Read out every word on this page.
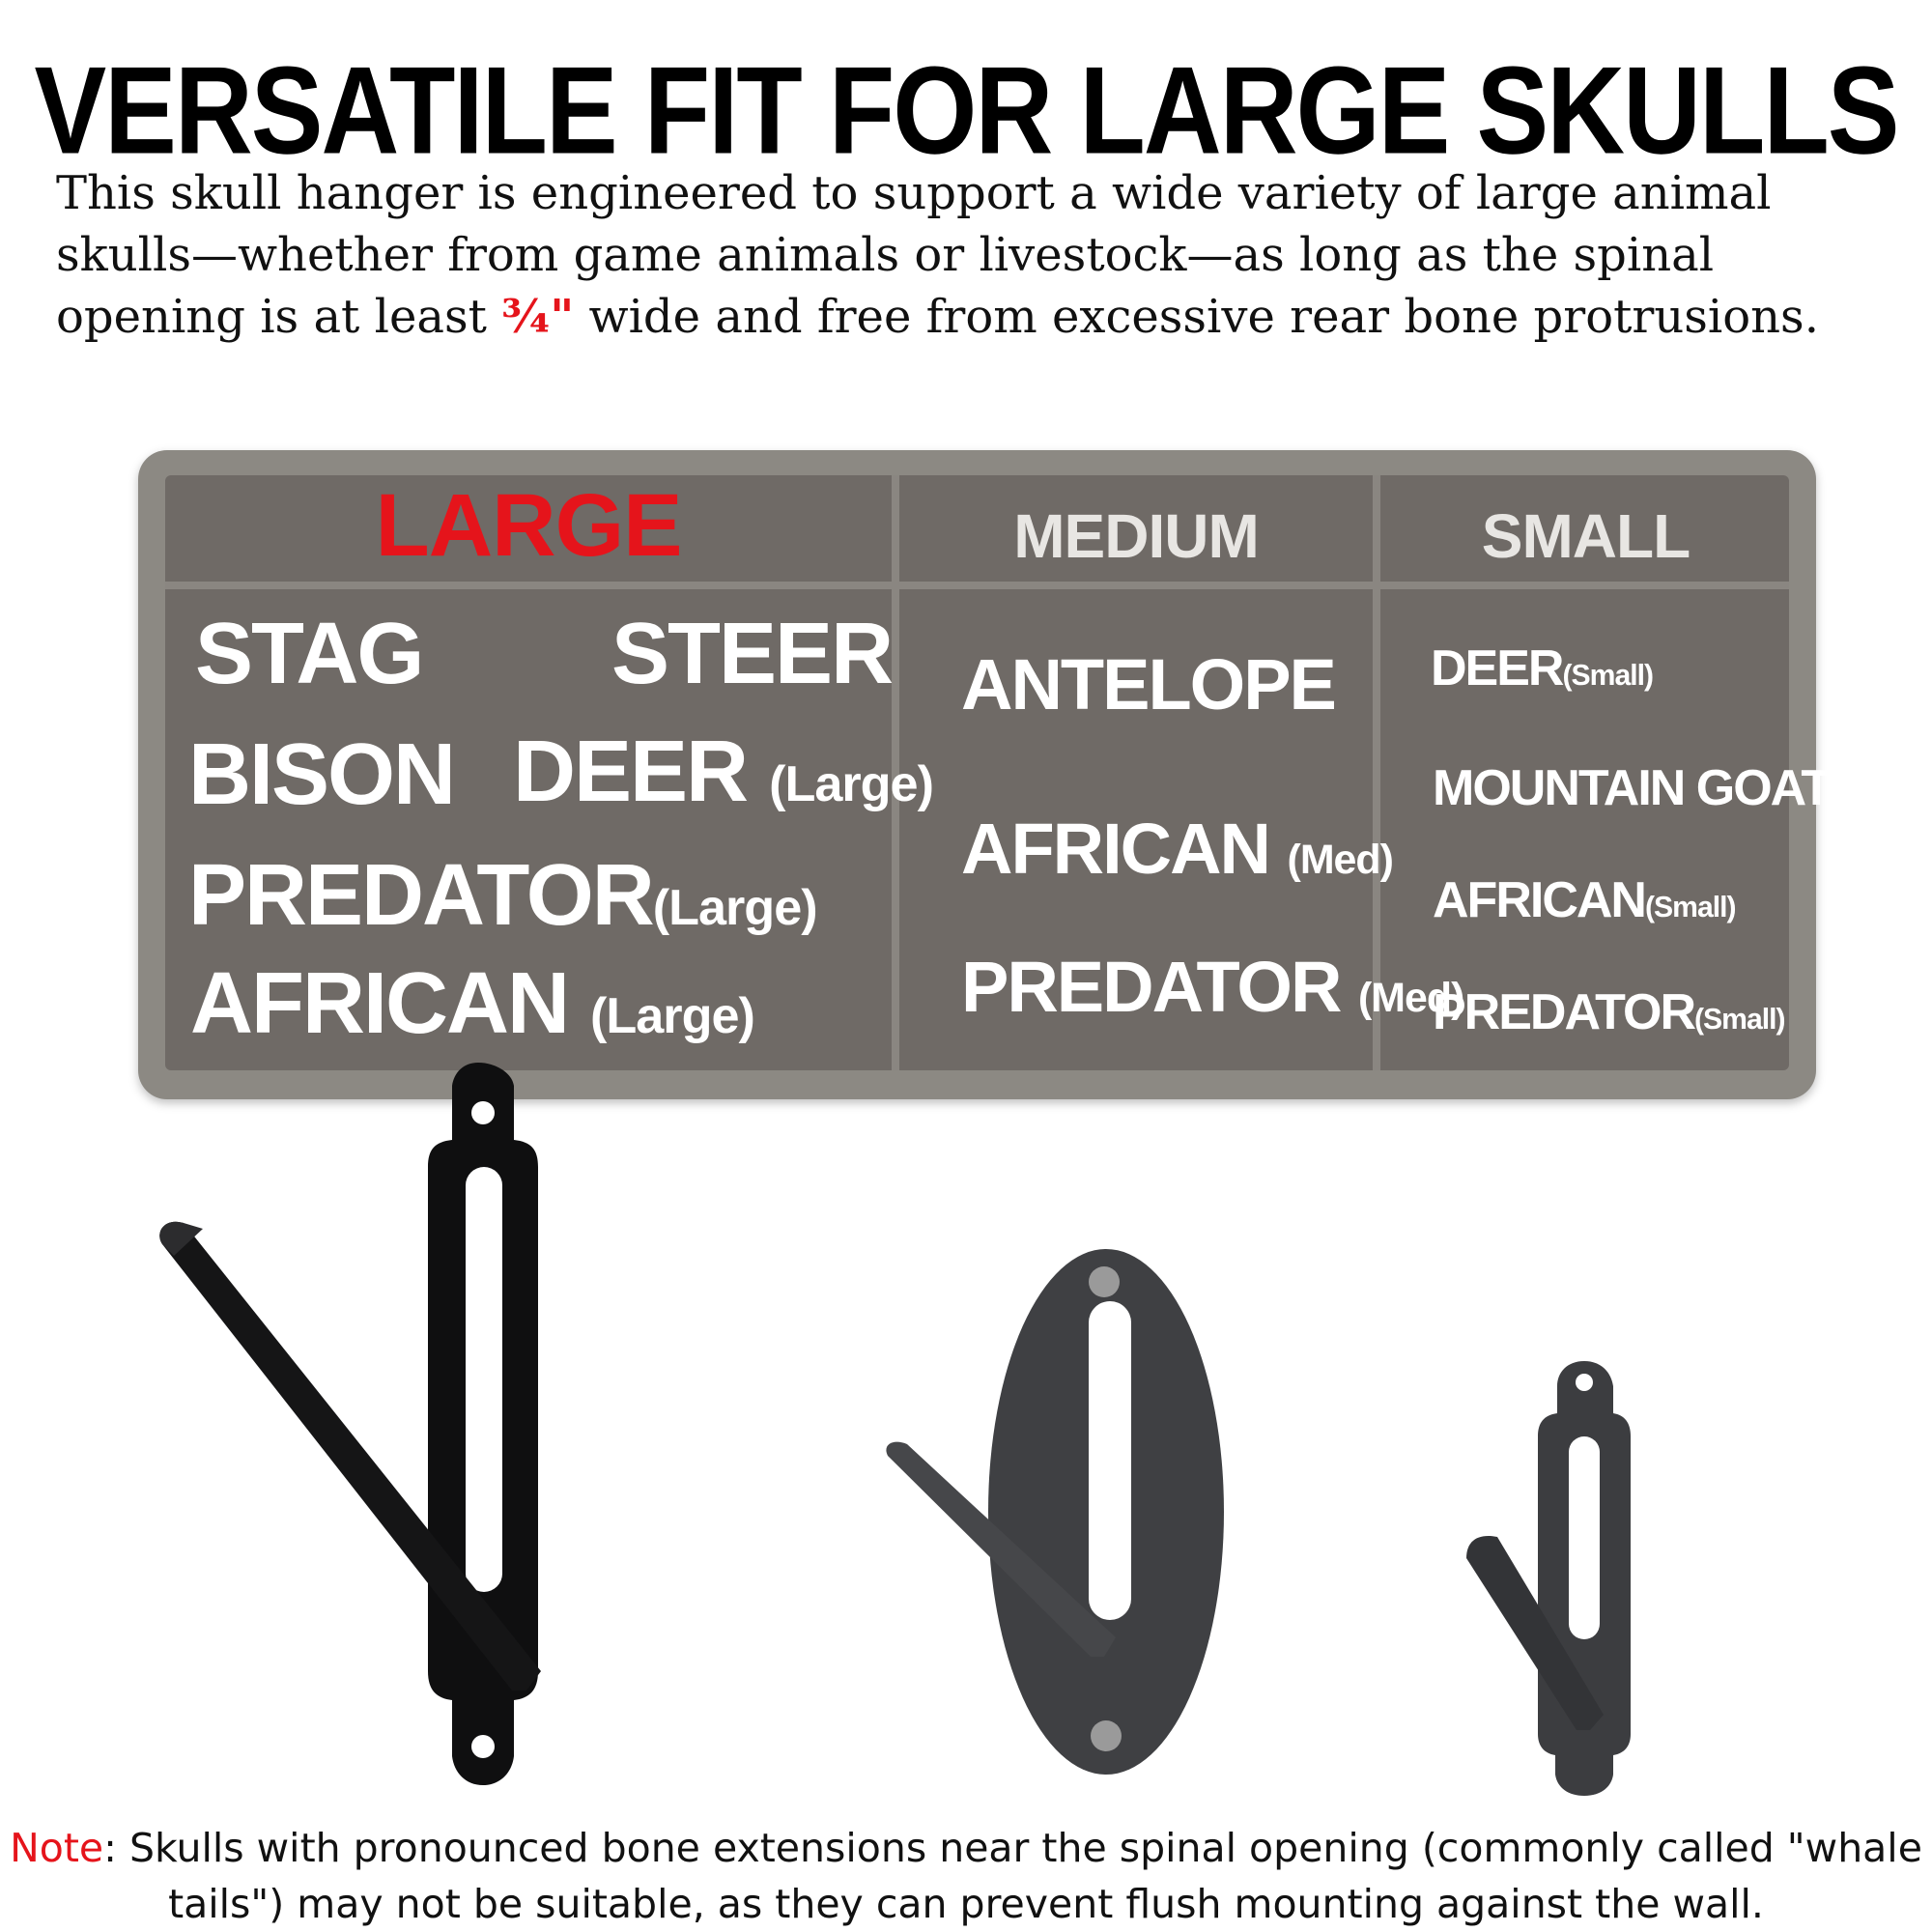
VERSATILE FIT FOR LARGE SKULLS
This skull hanger is engineered to support a wide variety of large animal skulls—whether from game animals or livestock—as long as the spinal opening is at least ¾" wide and free from excessive rear bone protrusions.
LARGE	MEDIUM	SMALL
STAG STEER
BISON DEER (Large)
PREDATOR(Large)
AFRICAN (Large)
ANTELOPE
AFRICAN (Med)
PREDATOR (Med)
DEER(Small)
MOUNTAIN GOAT
AFRICAN(Small)
PREDATOR(Small)
Note: Skulls with pronounced bone extensions near the spinal opening (commonly called "whale tails") may not be suitable, as they can prevent flush mounting against the wall.
